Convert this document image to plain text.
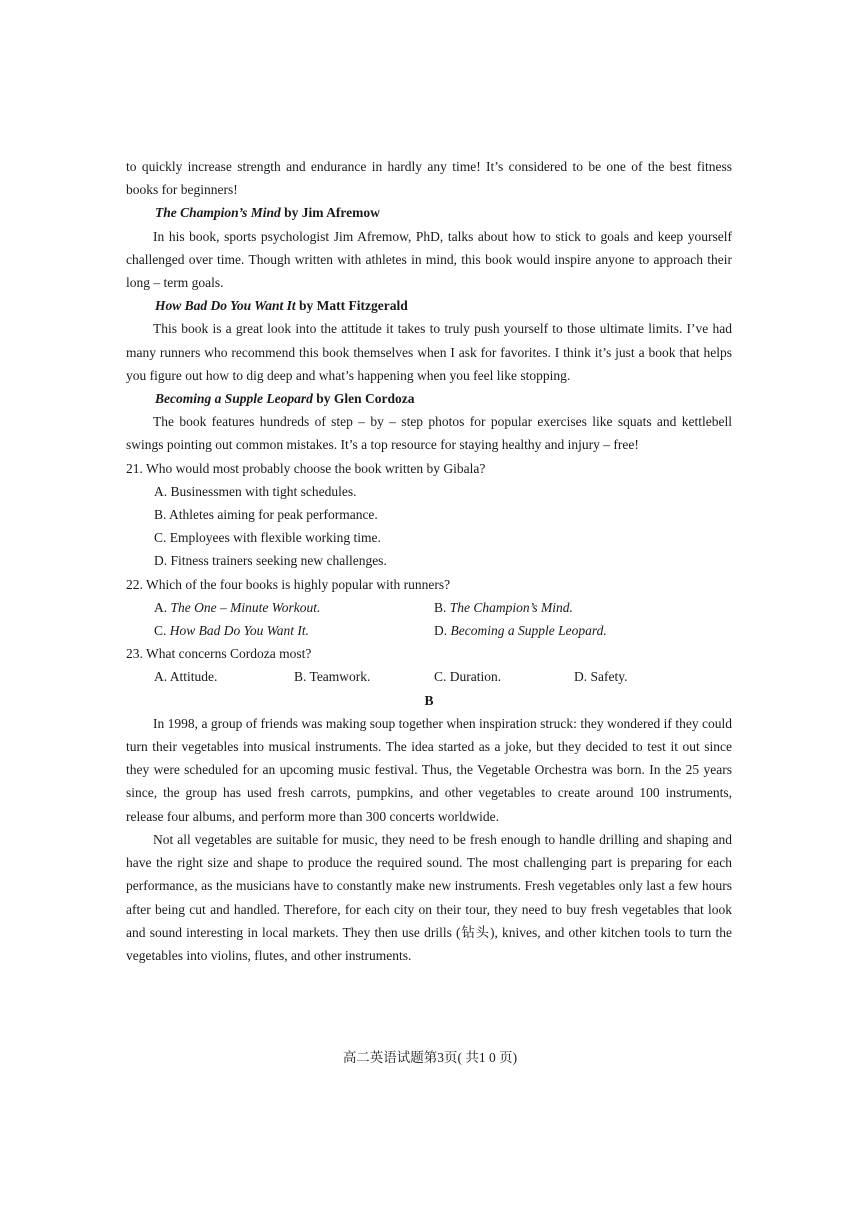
to quickly increase strength and endurance in hardly any time! It’s considered to be one of the best fitness books for beginners!

The Champion’s Mind by Jim Afremow

In his book, sports psychologist Jim Afremow, PhD, talks about how to stick to goals and keep yourself challenged over time. Though written with athletes in mind, this book would inspire anyone to approach their long – term goals.

How Bad Do You Want It by Matt Fitzgerald

This book is a great look into the attitude it takes to truly push yourself to those ultimate limits. I’ve had many runners who recommend this book themselves when I ask for favorites. I think it’s just a book that helps you figure out how to dig deep and what’s happening when you feel like stopping.

Becoming a Supple Leopard by Glen Cordoza

The book features hundreds of step – by – step photos for popular exercises like squats and kettlebell swings pointing out common mistakes. It’s a top resource for staying healthy and injury – free!

21. Who would most probably choose the book written by Gibala?
A. Businessmen with tight schedules.
B. Athletes aiming for peak performance.
C. Employees with flexible working time.
D. Fitness trainers seeking new challenges.
22. Which of the four books is highly popular with runners?
A. The One – Minute Workout.	B. The Champion’s Mind.
C. How Bad Do You Want It.	D. Becoming a Supple Leopard.
23. What concerns Cordoza most?
A. Attitude.	B. Teamwork.	C. Duration.	D. Safety.
B

In 1998, a group of friends was making soup together when inspiration struck: they wondered if they could turn their vegetables into musical instruments. The idea started as a joke, but they decided to test it out since they were scheduled for an upcoming music festival. Thus, the Vegetable Orchestra was born. In the 25 years since, the group has used fresh carrots, pumpkins, and other vegetables to create around 100 instruments, release four albums, and perform more than 300 concerts worldwide.

Not all vegetables are suitable for music, they need to be fresh enough to handle drilling and shaping and have the right size and shape to produce the required sound. The most challenging part is preparing for each performance, as the musicians have to constantly make new instruments. Fresh vegetables only last a few hours after being cut and handled. Therefore, for each city on their tour, they need to buy fresh vegetables that look and sound interesting in local markets. They then use drills (钻头), knives, and other kitchen tools to turn the vegetables into violins, flutes, and other instruments.

高二英语试题第3页( 共1 0 页)
